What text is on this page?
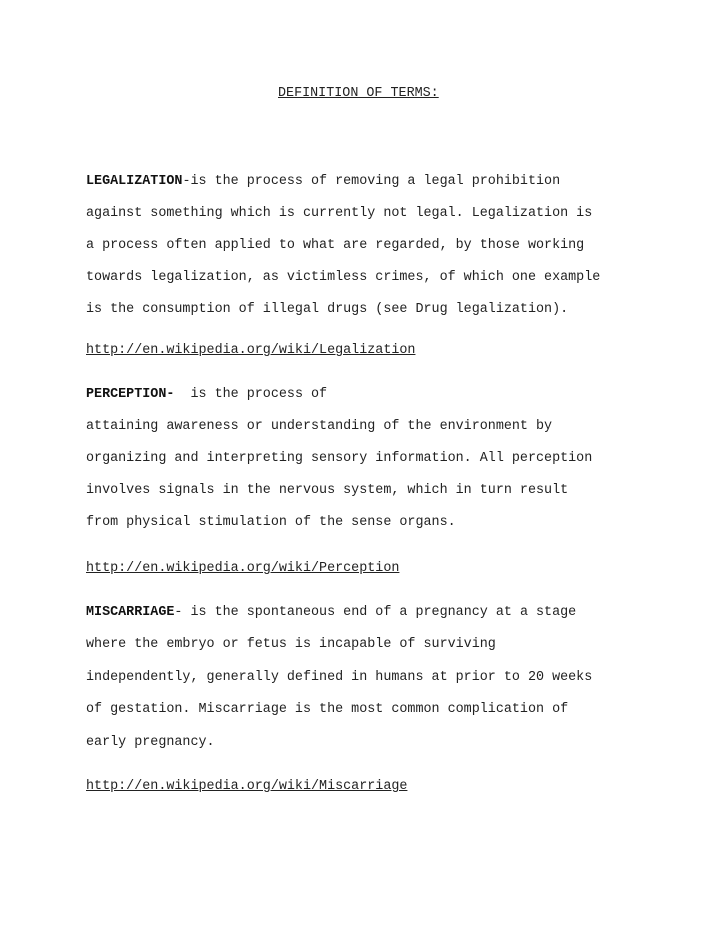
DEFINITION OF TERMS:
LEGALIZATION-is the process of removing a legal prohibition
against something which is currently not legal. Legalization is
a process often applied to what are regarded, by those working
towards legalization, as victimless crimes, of which one example
is the consumption of illegal drugs (see Drug legalization).
http://en.wikipedia.org/wiki/Legalization
PERCEPTION-  is the process of
attaining awareness or understanding of the environment by
organizing and interpreting sensory information. All perception
involves signals in the nervous system, which in turn result
from physical stimulation of the sense organs.
http://en.wikipedia.org/wiki/Perception
MISCARRIAGE- is the spontaneous end of a pregnancy at a stage
where the embryo or fetus is incapable of surviving
independently, generally defined in humans at prior to 20 weeks
of gestation. Miscarriage is the most common complication of
early pregnancy.
http://en.wikipedia.org/wiki/Miscarriage
